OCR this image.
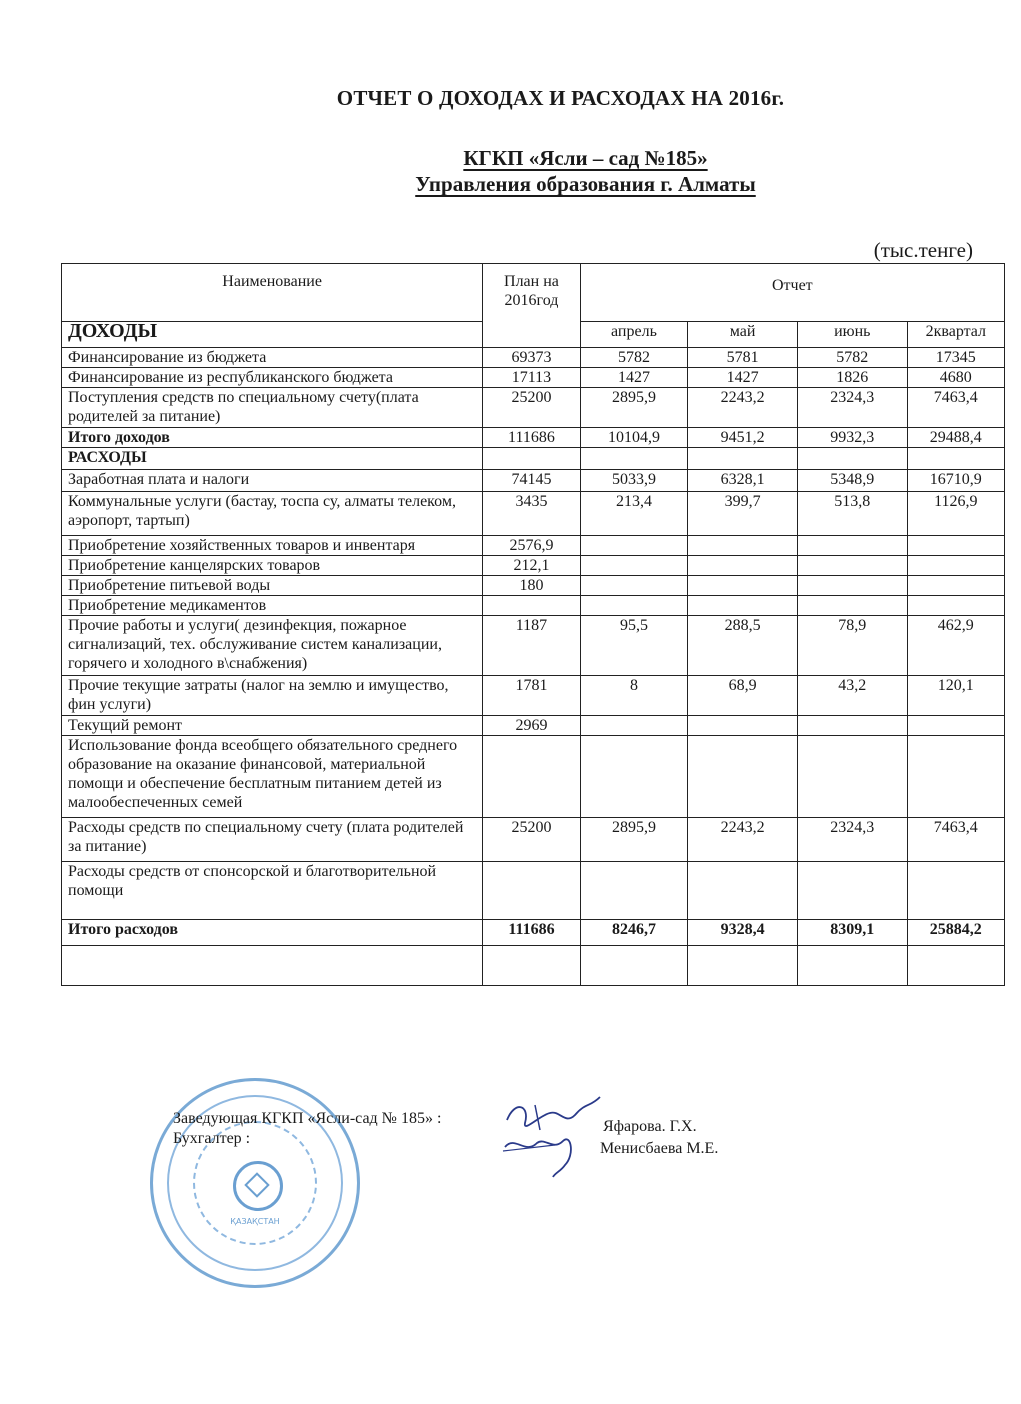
ОТЧЕТ О ДОХОДАХ И РАСХОДАХ НА 2016г.
КГКП «Ясли – сад №185»
Управления образования г. Алматы
(тыс.тенге)
Наименование	План на 2016год	Отчет			
ДОХОДЫ		апрель	май	июнь	2квартал
Финансирование из бюджета	69373	5782	5781	5782	17345
Финансирование из республиканского бюджета	17113	1427	1427	1826	4680
Поступления средств по специальному счету(плата родителей за питание)	25200	2895,9	2243,2	2324,3	7463,4
Итого доходов	111686	10104,9	9451,2	9932,3	29488,4
РАСХОДЫ					
Заработная плата и налоги	74145	5033,9	6328,1	5348,9	16710,9
Коммунальные услуги (бастау, тоспа су, алматы телеком, аэропорт, тартып)	3435	213,4	399,7	513,8	1126,9
Приобретение хозяйственных товаров и инвентаря	2576,9				
Приобретение канцелярских товаров	212,1				
Приобретение питьевой воды	180				
Приобретение медикаментов					
Прочие работы и услуги( дезинфекция, пожарное сигнализаций, тех. обслуживание систем канализации, горячего и холодного в\снабжения)	1187	95,5	288,5	78,9	462,9
Прочие текущие затраты (налог на землю и имущество, фин услуги)	1781	8	68,9	43,2	120,1
Текущий ремонт	2969				
Использование фонда всеобщего обязательного среднего образование на оказание финансовой, материальной помощи и обеспечение бесплатным питанием детей из малообеспеченных семей					
Расходы средств по специальному счету (плата родителей за питание)	25200	2895,9	2243,2	2324,3	7463,4
Расходы средств от спонсорской и благотворительной помощи					
Итого расходов	111686	8246,7	9328,4	8309,1	25884,2

ҚАЗАҚСТАН
Заведующая КГКП «Ясли-сад № 185» :
Бухгалтер :
Яфарова. Г.Х.
Менисбаева М.Е.
